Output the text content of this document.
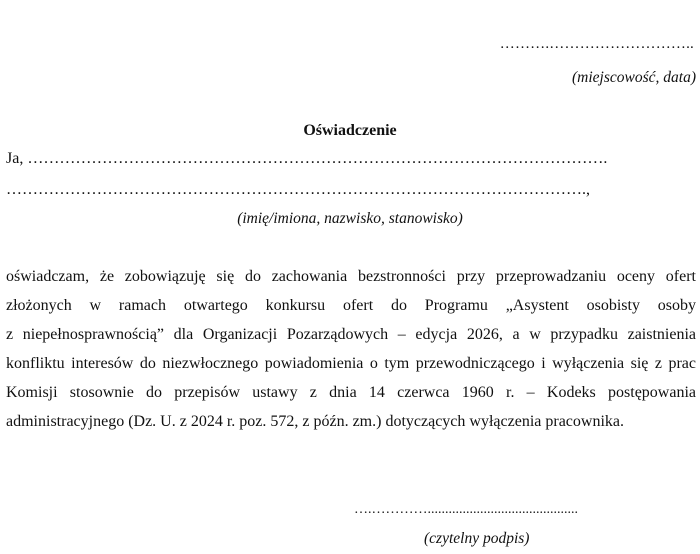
……….………………………..
(miejscowość, data)
Oświadczenie
Ja, ……………………………………………………………………………………………….
……………………………………………………………………………………………….,
(imię/imiona, nazwisko, stanowisko)
oświadczam, że zobowiązuję się do zachowania bezstronności przy przeprowadzaniu oceny ofert
złożonych w ramach otwartego konkursu ofert do Programu „Asystent osobisty osoby
z niepełnosprawnością” dla Organizacji Pozarządowych – edycja 2026, a w przypadku zaistnienia
konfliktu interesów do niezwłocznego powiadomienia o tym przewodniczącego i wyłączenia się z prac
Komisji stosownie do przepisów ustawy z dnia 14 czerwca 1960 r. – Kodeks postępowania
administracyjnego (Dz. U. z 2024 r. poz. 572, z późn. zm.) dotyczących wyłączenia pracownika.
….…………...........................................
(czytelny podpis)
